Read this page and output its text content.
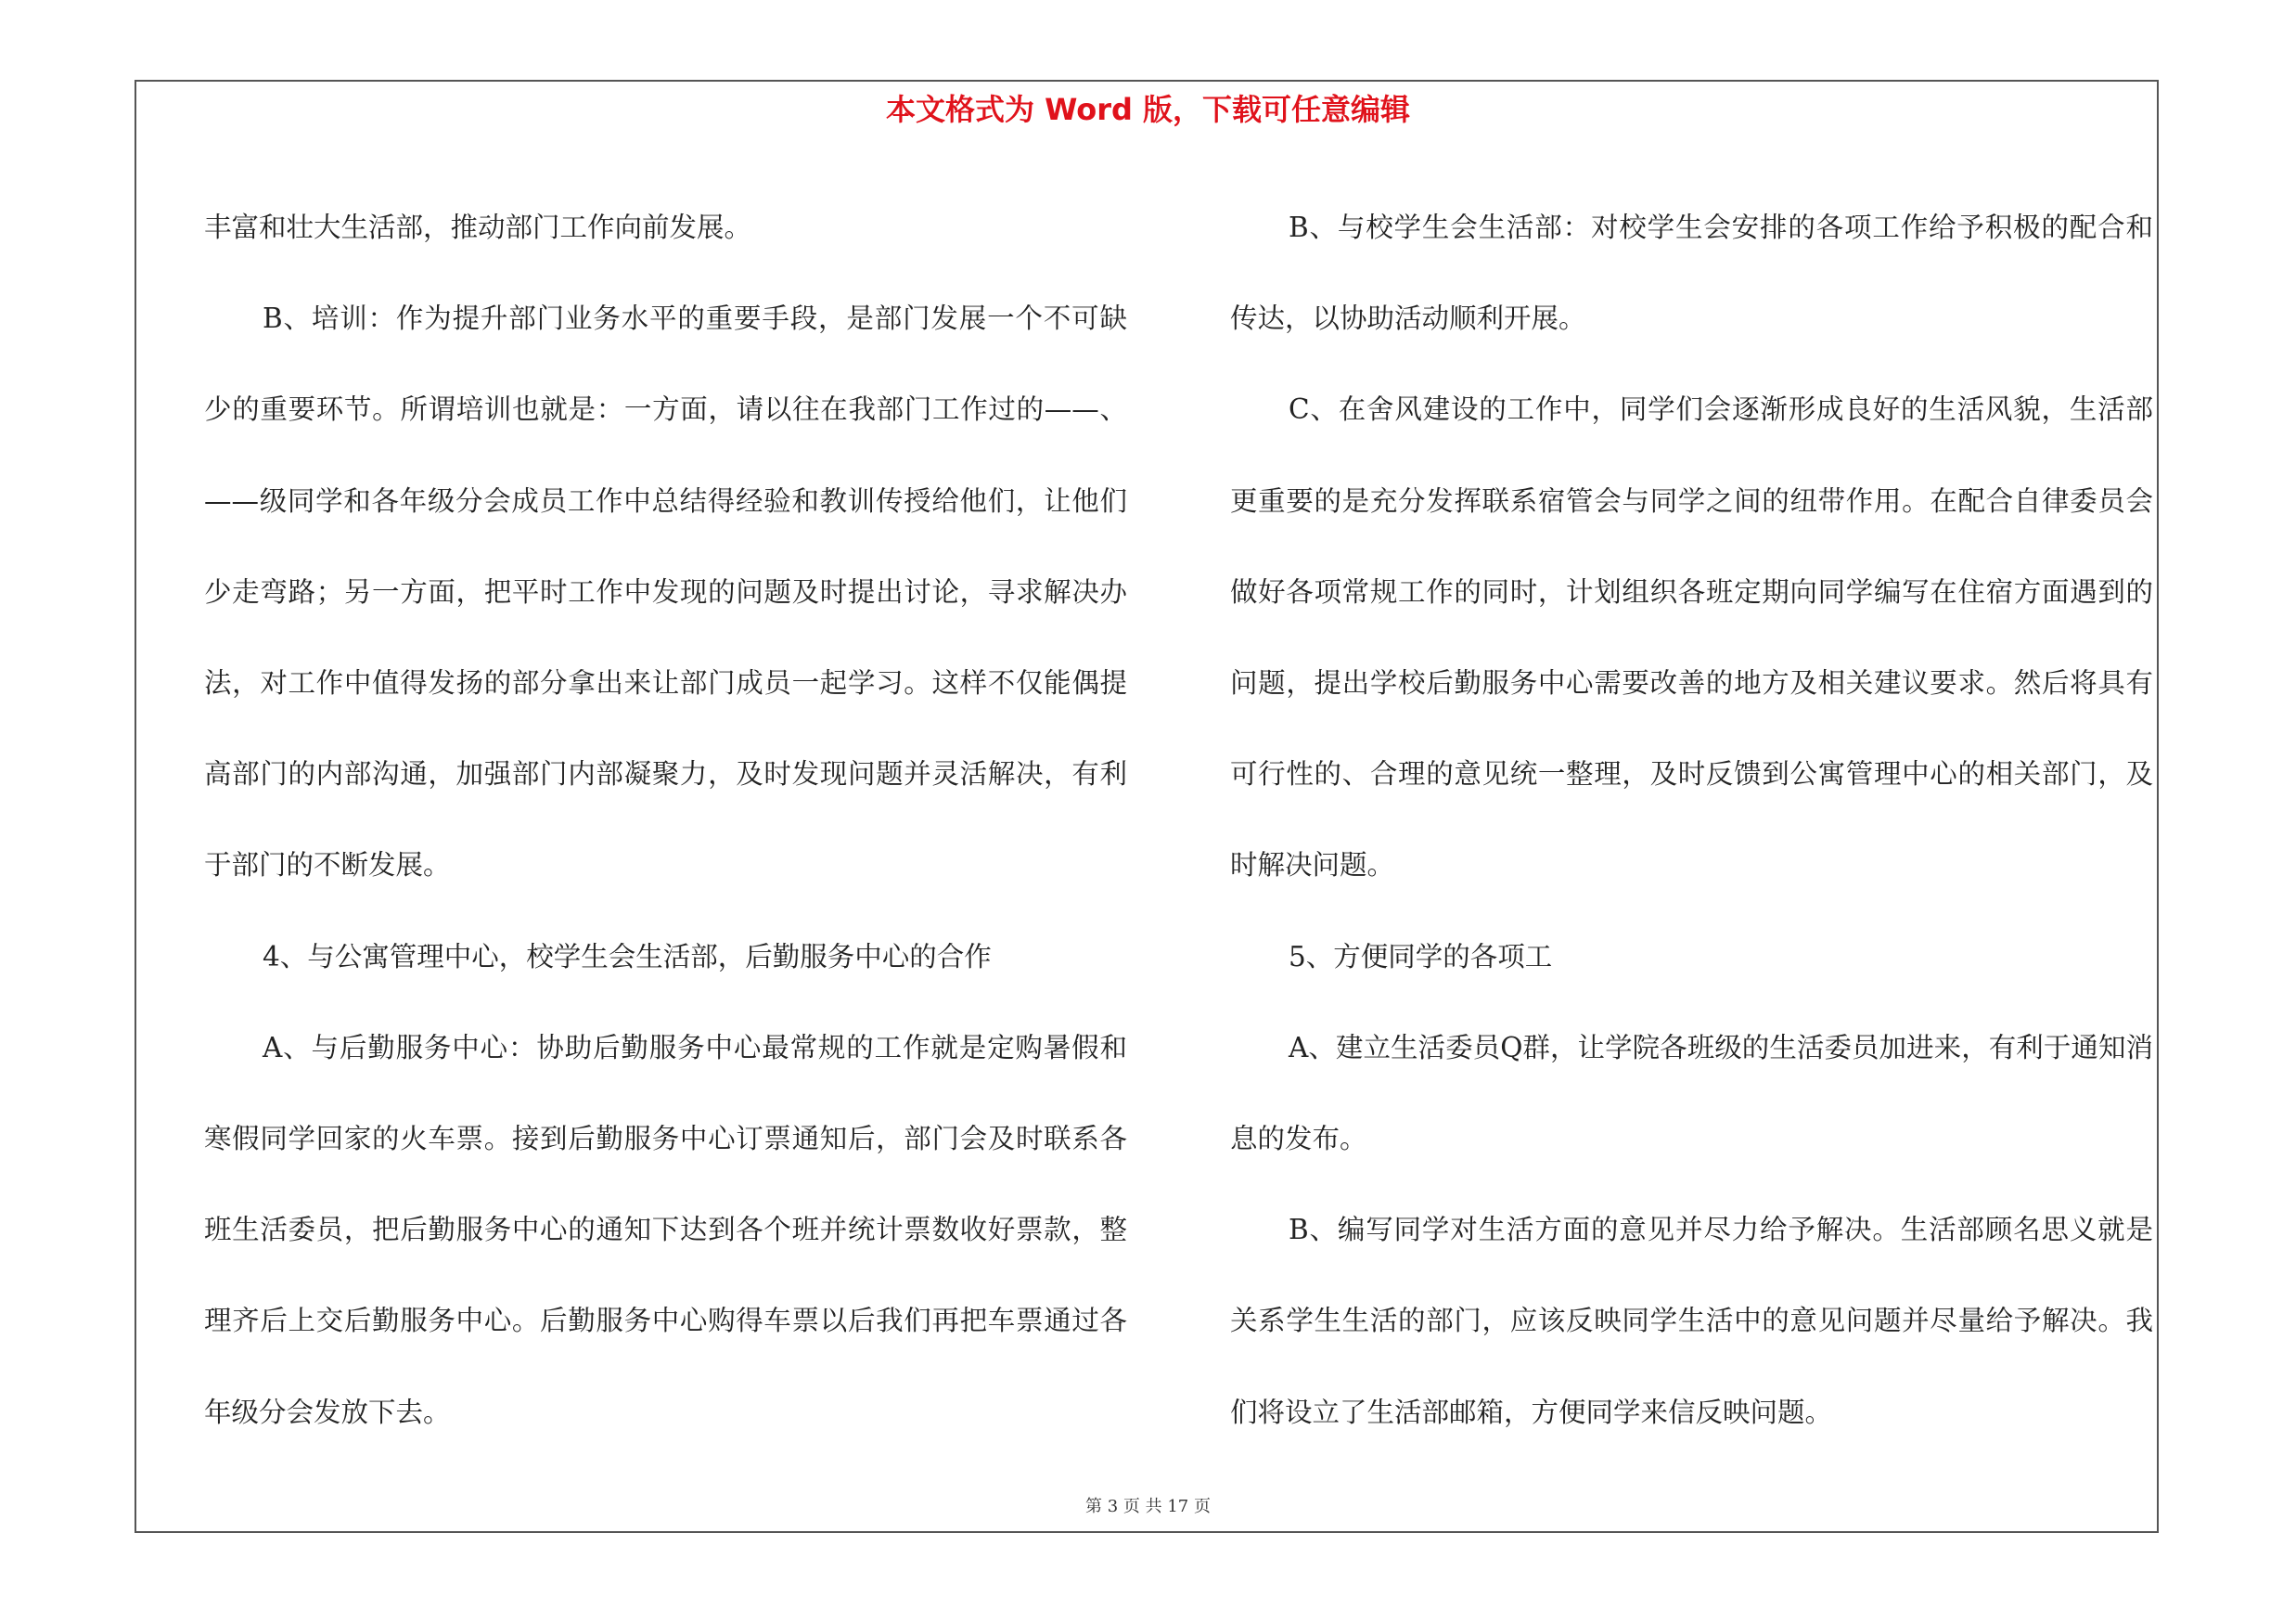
本文格式为 Word 版，下载可任意编辑

丰富和壮大生活部，推动部门工作向前发展。

B、培训：作为提升部门业务水平的重要手段，是部门发展一个不可缺少的重要环节。所谓培训也就是：一方面，请以往在我部门工作过的——、——级同学和各年级分会成员工作中总结得经验和教训传授给他们，让他们少走弯路；另一方面，把平时工作中发现的问题及时提出讨论，寻求解决办法，对工作中值得发扬的部分拿出来让部门成员一起学习。这样不仅能偶提高部门的内部沟通，加强部门内部凝聚力，及时发现问题并灵活解决，有利于部门的不断发展。

4、与公寓管理中心，校学生会生活部，后勤服务中心的合作

A、与后勤服务中心：协助后勤服务中心最常规的工作就是定购暑假和寒假同学回家的火车票。接到后勤服务中心订票通知后，部门会及时联系各班生活委员，把后勤服务中心的通知下达到各个班并统计票数收好票款，整理齐后上交后勤服务中心。后勤服务中心购得车票以后我们再把车票通过各年级分会发放下去。

B、与校学生会生活部：对校学生会安排的各项工作给予积极的配合和传达，以协助活动顺利开展。

C、在舍风建设的工作中，同学们会逐渐形成良好的生活风貌，生活部更重要的是充分发挥联系宿管会与同学之间的纽带作用。在配合自律委员会做好各项常规工作的同时，计划组织各班定期向同学编写在住宿方面遇到的问题，提出学校后勤服务中心需要改善的地方及相关建议要求。然后将具有可行性的、合理的意见统一整理，及时反馈到公寓管理中心的相关部门，及时解决问题。

5、方便同学的各项工

A、建立生活委员Q群，让学院各班级的生活委员加进来，有利于通知消息的发布。

B、编写同学对生活方面的意见并尽力给予解决。生活部顾名思义就是关系学生生活的部门，应该反映同学生活中的意见问题并尽量给予解决。我们将设立了生活部邮箱，方便同学来信反映问题。

第 3 页 共 17 页
